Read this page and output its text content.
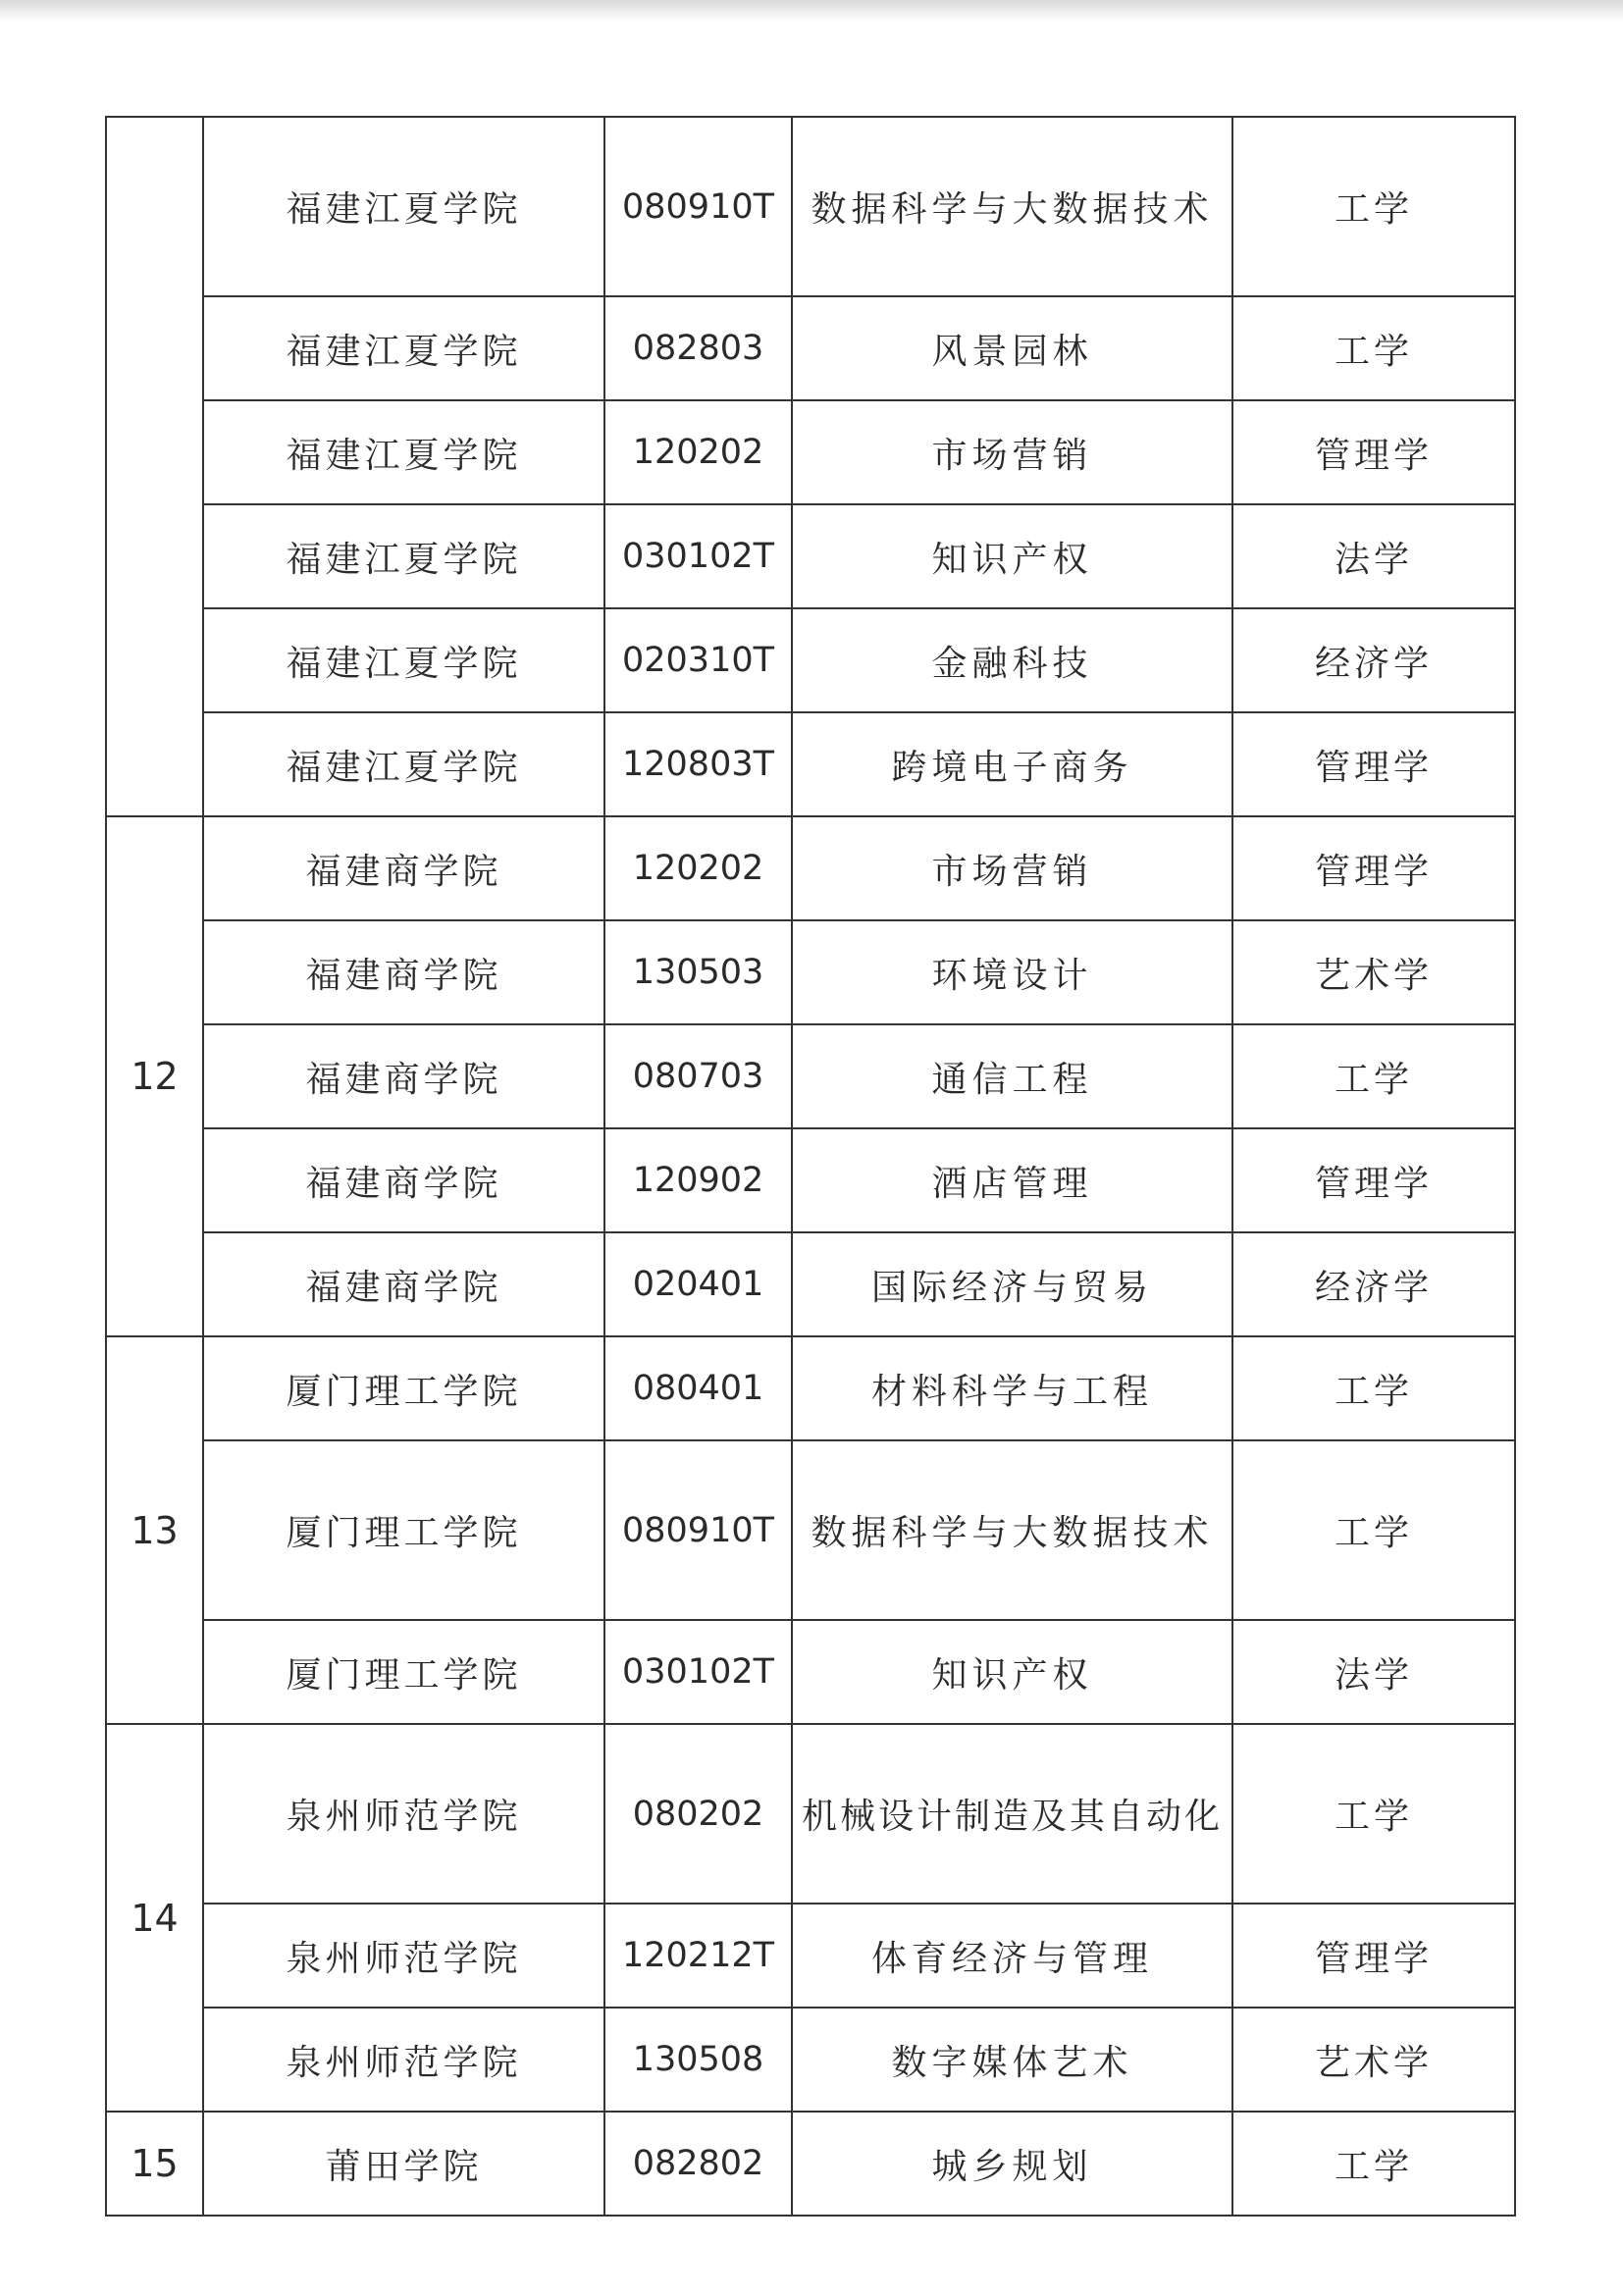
	福建江夏学院	080910T	数据科学与大数据技术	工学
	福建江夏学院	082803	风景园林	工学
	福建江夏学院	120202	市场营销	管理学
	福建江夏学院	030102T	知识产权	法学
	福建江夏学院	020310T	金融科技	经济学
	福建江夏学院	120803T	跨境电子商务	管理学
12	福建商学院	120202	市场营销	管理学
	福建商学院	130503	环境设计	艺术学
	福建商学院	080703	通信工程	工学
	福建商学院	120902	酒店管理	管理学
	福建商学院	020401	国际经济与贸易	经济学
13	厦门理工学院	080401	材料科学与工程	工学
	厦门理工学院	080910T	数据科学与大数据技术	工学
	厦门理工学院	030102T	知识产权	法学
14	泉州师范学院	080202	机械设计制造及其自动化	工学
	泉州师范学院	120212T	体育经济与管理	管理学
	泉州师范学院	130508	数字媒体艺术	艺术学
15	莆田学院	082802	城乡规划	工学
